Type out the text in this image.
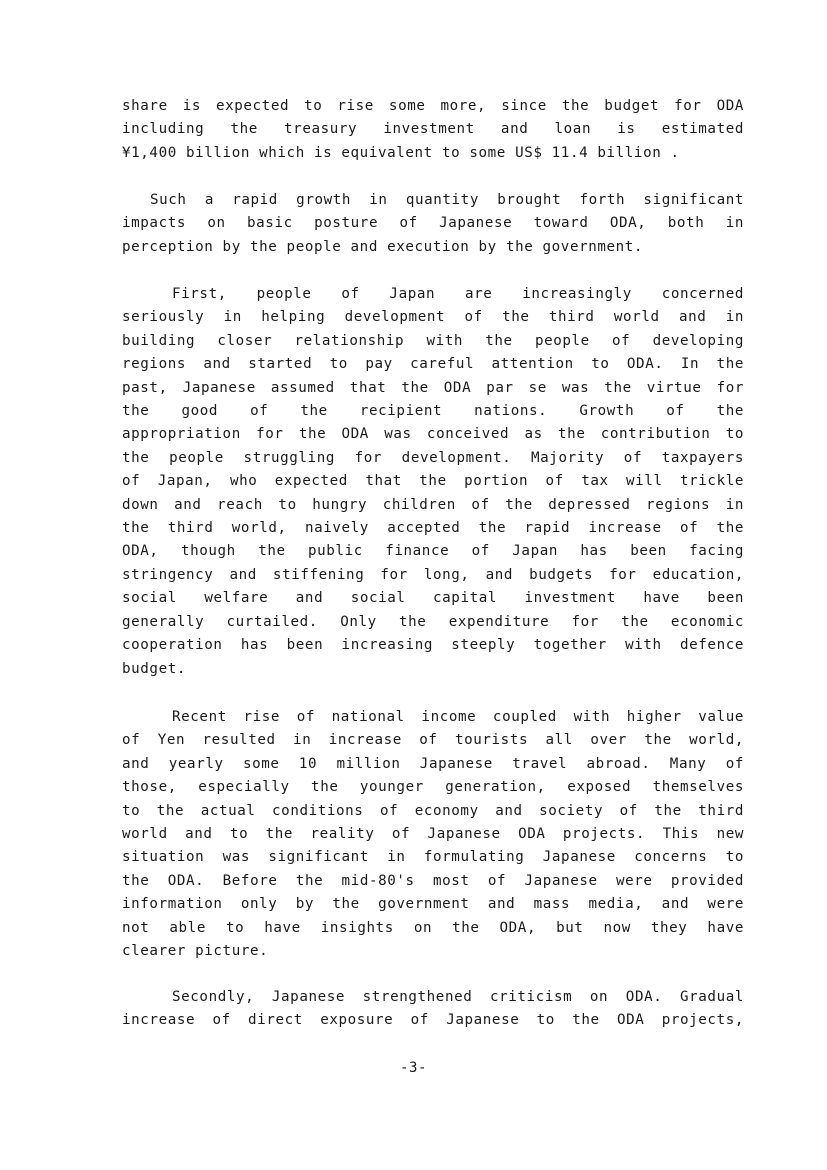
share is expected to rise some more, since the budget for ODA
including the treasury investment and loan is estimated
¥1,400 billion which is equivalent to some US$ 11.4 billion .

Such a rapid growth in quantity brought forth significant
impacts on basic posture of Japanese toward ODA, both in
perception by the people and execution by the government.

First, people of Japan are increasingly concerned
seriously in helping development of the third world and in
building closer relationship with the people of developing
regions and started to pay careful attention to ODA. In the
past, Japanese assumed that the ODA par se was the virtue for
the good of the recipient nations. Growth of the
appropriation for the ODA was conceived as the contribution to
the people struggling for development. Majority of taxpayers
of Japan, who expected that the portion of tax will trickle
down and reach to hungry children of the depressed regions in
the third world, naively accepted the rapid increase of the
ODA, though the public finance of Japan has been facing
stringency and stiffening for long, and budgets for education,
social welfare and social capital investment have been
generally curtailed. Only the expenditure for the economic
cooperation has been increasing steeply together with defence
budget.

Recent rise of national income coupled with higher value
of Yen resulted in increase of tourists all over the world,
and yearly some 10 million Japanese travel abroad. Many of
those, especially the younger generation, exposed themselves
to the actual conditions of economy and society of the third
world and to the reality of Japanese ODA projects. This new
situation was significant in formulating Japanese concerns to
the ODA. Before the mid-80's most of Japanese were provided
information only by the government and mass media, and were
not able to have insights on the ODA, but now they have
clearer picture.

Secondly, Japanese strengthened criticism on ODA. Gradual
increase of direct exposure of Japanese to the ODA projects,

-3-
